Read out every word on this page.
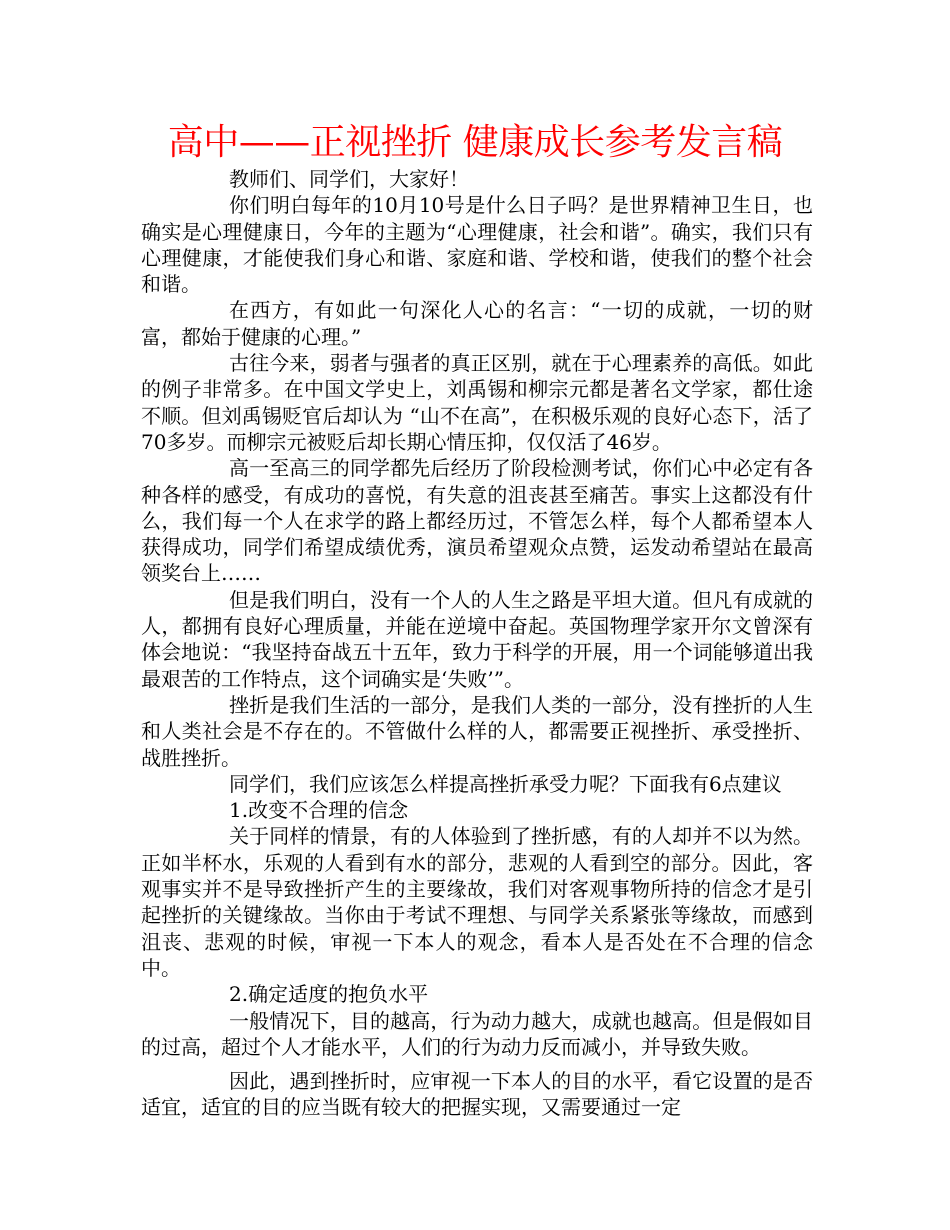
高中——正视挫折 健康成长参考发言稿

教师们、同学们，大家好！

你们明白每年的10月10号是什么日子吗？是世界精神卫生日，也确实是心理健康日，今年的主题为“心理健康，社会和谐”。确实，我们只有心理健康，才能使我们身心和谐、家庭和谐、学校和谐，使我们的整个社会和谐。

在西方，有如此一句深化人心的名言：“一切的成就，一切的财富，都始于健康的心理。”

古往今来，弱者与强者的真正区别，就在于心理素养的高低。如此的例子非常多。在中国文学史上，刘禹锡和柳宗元都是著名文学家，都仕途不顺。但刘禹锡贬官后却认为 “山不在高”，在积极乐观的良好心态下，活了70多岁。而柳宗元被贬后却长期心情压抑，仅仅活了46岁。

高一至高三的同学都先后经历了阶段检测考试，你们心中必定有各种各样的感受，有成功的喜悦，有失意的沮丧甚至痛苦。事实上这都没有什么，我们每一个人在求学的路上都经历过，不管怎么样，每个人都希望本人获得成功，同学们希望成绩优秀，演员希望观众点赞，运发动希望站在最高领奖台上……

但是我们明白，没有一个人的人生之路是平坦大道。但凡有成就的人，都拥有良好心理质量，并能在逆境中奋起。英国物理学家开尔文曾深有体会地说：“我坚持奋战五十五年，致力于科学的开展，用一个词能够道出我最艰苦的工作特点，这个词确实是‘失败’”。

挫折是我们生活的一部分，是我们人类的一部分，没有挫折的人生和人类社会是不存在的。不管做什么样的人，都需要正视挫折、承受挫折、战胜挫折。

同学们，我们应该怎么样提高挫折承受力呢？下面我有6点建议

1.改变不合理的信念

关于同样的情景，有的人体验到了挫折感，有的人却并不以为然。正如半杯水，乐观的人看到有水的部分，悲观的人看到空的部分。因此，客观事实并不是导致挫折产生的主要缘故，我们对客观事物所持的信念才是引起挫折的关键缘故。当你由于考试不理想、与同学关系紧张等缘故，而感到沮丧、悲观的时候，审视一下本人的观念，看本人是否处在不合理的信念中。

2.确定适度的抱负水平

一般情况下，目的越高，行为动力越大，成就也越高。但是假如目的过高，超过个人才能水平，人们的行为动力反而减小，并导致失败。

因此，遇到挫折时，应审视一下本人的目的水平，看它设置的是否适宜，适宜的目的应当既有较大的把握实现，又需要通过一定
